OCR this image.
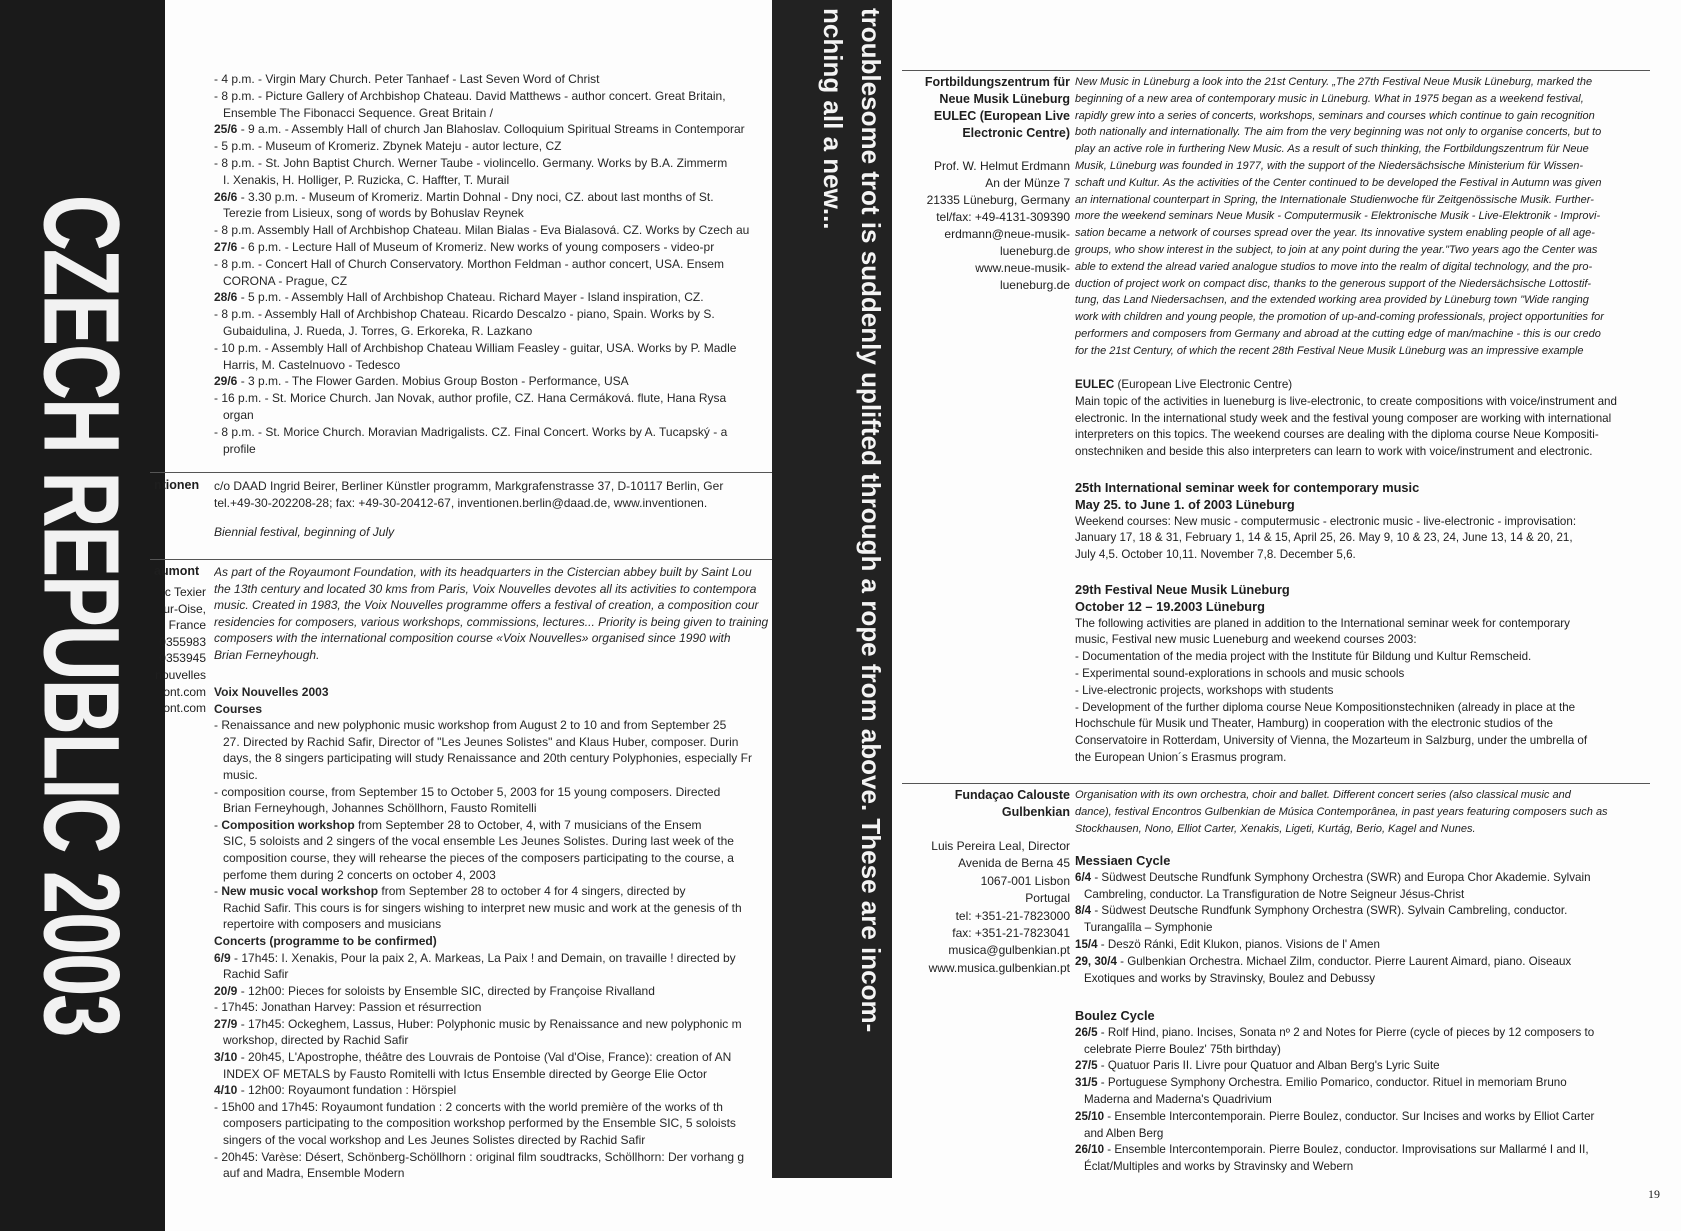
CZECH REPUBLIC 2003
- 4 p.m. - Virgin Mary Church. Peter Tanhaef - Last Seven Word of Christ
- 8 p.m. - Picture Gallery of Archbishop Chateau. David Matthews - author concert. Great Britain,
Ensemble The Fibonacci Sequence. Great Britain /
25/6 - 9 a.m. - Assembly Hall of church Jan Blahoslav. Colloquium Spiritual Streams in Contemporar
- 5 p.m. - Museum of Kromeriz. Zbynek Mateju - autor lecture, CZ
- 8 p.m. - St. John Baptist Church. Werner Taube - violincello. Germany. Works by B.A. Zimmerm
I. Xenakis, H. Holliger, P. Ruzicka, C. Haffter, T. Murail
26/6 - 3.30 p.m. - Museum of Kromeriz. Martin Dohnal - Dny noci, CZ. about last months of St.
Terezie from Lisieux, song of words by Bohuslav Reynek
- 8 p.m. Assembly Hall of Archbishop Chateau. Milan Bialas - Eva Bialasová. CZ. Works by Czech au
27/6 - 6 p.m. - Lecture Hall of Museum of Kromeriz. New works of young composers - video-pr
- 8 p.m. - Concert Hall of Church Conservatory. Morthon Feldman - author concert, USA. Ensem
CORONA - Prague, CZ
28/6 - 5 p.m. - Assembly Hall of Archbishop Chateau. Richard Mayer - Island inspiration, CZ.
- 8 p.m. - Assembly Hall of Archbishop Chateau. Ricardo Descalzo - piano, Spain. Works by S.
Gubaidulina, J. Rueda, J. Torres, G. Erkoreka, R. Lazkano
- 10 p.m. - Assembly Hall of Archbishop Chateau William Feasley - guitar, USA. Works by P. Madle
Harris, M. Castelnuovo - Tedesco
29/6 - 3 p.m. - The Flower Garden. Mobius Group Boston - Performance, USA
- 16 p.m. - St. Morice Church. Jan Novak, author profile, CZ. Hana Cermáková. flute, Hana Rysa
organ
- 8 p.m. - St. Morice Church. Moravian Madrigalists. CZ. Final Concert. Works by A. Tucapský - a
profile
ntionen c/o DAAD Ingrid Beirer, Berliner Künstler programm, Markgrafenstrasse 37, D-10117 Berlin, Ger

tel.+49-30-202208-28; fax: +49-30-20412-67, inventionen.berlin@daad.de, www.inventionen.

Biennial festival, beginning of July

aumont
rc Texier
ur-Oise,
France
0355983
0353945
nouvelles
ont.com
ont.com
As part of the Royaumont Foundation, with its headquarters in the Cistercian abbey built by Saint Lou
the 13th century and located 30 kms from Paris, Voix Nouvelles devotes all its activities to contempora
music. Created in 1983, the Voix Nouvelles programme offers a festival of creation, a composition cour
residencies for composers, various workshops, commissions, lectures... Priority is being given to training
composers with the international composition course «Voix Nouvelles» organised since 1990 with
Brian Ferneyhough.

Voix Nouvelles 2003

Courses

- Renaissance and new polyphonic music workshop from August 2 to 10 and from September 25
27. Directed by Rachid Safir, Director of "Les Jeunes Solistes" and Klaus Huber, composer. Durin
days, the 8 singers participating will study Renaissance and 20th century Polyphonies, especially Fr
music.
- composition course, from September 15 to October 5, 2003 for 15 young composers. Directed
Brian Ferneyhough, Johannes Schöllhorn, Fausto Romitelli
- Composition workshop from September 28 to October, 4, with 7 musicians of the Ensem
SIC, 5 soloists and 2 singers of the vocal ensemble Les Jeunes Solistes. During last week of the
composition course, they will rehearse the pieces of the composers participating to the course, a
perfome them during 2 concerts on october 4, 2003
- New music vocal workshop from September 28 to october 4 for 4 singers, directed by
Rachid Safir. This cours is for singers wishing to interpret new music and work at the genesis of th
repertoire with composers and musicians

Concerts (programme to be confirmed)

6/9 - 17h45: I. Xenakis, Pour la paix 2, A. Markeas, La Paix ! and Demain, on travaille ! directed by
Rachid Safir
20/9 - 12h00: Pieces for soloists by Ensemble SIC, directed by Françoise Rivalland
- 17h45: Jonathan Harvey: Passion et résurrection
27/9 - 17h45: Ockeghem, Lassus, Huber: Polyphonic music by Renaissance and new polyphonic m
workshop, directed by Rachid Safir
3/10 - 20h45, L'Apostrophe, théâtre des Louvrais de Pontoise (Val d'Oise, France): creation of AN
INDEX OF METALS by Fausto Romitelli with Ictus Ensemble directed by George Elie Octor
4/10 - 12h00: Royaumont fundation : Hörspiel
- 15h00 and 17h45: Royaumont fundation : 2 concerts with the world première of the works of th
composers participating to the composition workshop performed by the Ensemble SIC, 5 soloists
singers of the vocal workshop and Les Jeunes Solistes directed by Rachid Safir
- 20h45: Varèse: Désert, Schönberg-Schöllhorn : original film soudtracks, Schöllhorn: Der vorhang g
auf and Madra, Ensemble Modern
troublesome trot is suddenly uplifted through a rope from above. These are incom-
nching all a new...	Fortbildungszentrum für
Neue Musik Lüneburg
EULEC (European Live
Electronic Centre)
Prof. W. Helmut Erdmann
An der Münze 7
21335 Lüneburg, Germany
tel/fax: +49-4131-309390
erdmann@neue-musik-
lueneburg.de
www.neue-musik-
lueneburg.de
New Music in Lüneburg a look into the 21st Century. „The 27th Festival Neue Musik Lüneburg, marked the
beginning of a new area of contemporary music in Lüneburg. What in 1975 began as a weekend festival,
rapidly grew into a series of concerts, workshops, seminars and courses which continue to gain recognition
both nationally and internationally. The aim from the very beginning was not only to organise concerts, but to
play an active role in furthering New Music. As a result of such thinking, the Fortbildungszentrum für Neue
Musik, Lüneburg was founded in 1977, with the support of the Niedersächsische Ministerium für Wissen-
schaft und Kultur. As the activities of the Center continued to be developed the Festival in Autumn was given
an international counterpart in Spring, the Internationale Studienwoche für Zeitgenössische Musik. Further-
more the weekend seminars Neue Musik - Computermusik - Elektronische Musik - Live-Elektronik - Improvi-
sation became a network of courses spread over the year. Its innovative system enabling people of all age-
groups, who show interest in the subject, to join at any point during the year."Two years ago the Center was
able to extend the alread varied analogue studios to move into the realm of digital technology, and the pro-
duction of project work on compact disc, thanks to the generous support of the Niedersächsische Lottostif-
tung, das Land Niedersachsen, and the extended working area provided by Lüneburg town "Wide ranging
work with children and young people, the promotion of up-and-coming professionals, project opportunities for
performers and composers from Germany and abroad at the cutting edge of man/machine - this is our credo
for the 21st Century, of which the recent 28th Festival Neue Musik Lüneburg was an impressive example

EULEC (European Live Electronic Centre)

Main topic of the activities in lueneburg is live-electronic, to create compositions with voice/instrument and
electronic. In the international study week and the festival young composer are working with international
interpreters on this topics. The weekend courses are dealing with the diploma course Neue Kompositi-
onstechniken and beside this also interpreters can learn to work with voice/instrument and electronic.

25th International seminar week for contemporary music

May 25. to June 1. of 2003 Lüneburg

Weekend courses: New music - computermusic - electronic music - live-electronic - improvisation:
January 17, 18 & 31, February 1, 14 & 15, April 25, 26. May 9, 10 & 23, 24, June 13, 14 & 20, 21,
July 4,5. October 10,11. November 7,8. December 5,6.

29th Festival Neue Musik Lüneburg

October 12 – 19.2003 Lüneburg

The following activities are planed in addition to the International seminar week for contemporary
music, Festival new music Lueneburg and weekend courses 2003:
- Documentation of the media project with the Institute für Bildung und Kultur Remscheid.
- Experimental sound-explorations in schools and music schools
- Live-electronic projects, workshops with students
- Development of the further diploma course Neue Kompositionstechniken (already in place at the
Hochschule für Musik und Theater, Hamburg) in cooperation with the electronic studios of the
Conservatoire in Rotterdam, University of Vienna, the Mozarteum in Salzburg, under the umbrella of
the European Union´s Erasmus program.
Fundaçao Calouste
Gulbenkian
Luis Pereira Leal, Director
Avenida de Berna 45
1067-001 Lisbon
Portugal
tel: +351-21-7823000
fax: +351-21-7823041
musica@gulbenkian.pt
www.musica.gulbenkian.pt
Organisation with its own orchestra, choir and ballet. Different concert series (also classical music and
dance), festival Encontros Gulbenkian de Música Contemporânea, in past years featuring composers such as
Stockhausen, Nono, Elliot Carter, Xenakis, Ligeti, Kurtág, Berio, Kagel and Nunes.

Messiaen Cycle

6/4 - Südwest Deutsche Rundfunk Symphony Orchestra (SWR) and Europa Chor Akademie. Sylvain
Cambreling, conductor. La Transfiguration de Notre Seigneur Jésus-Christ
8/4 - Südwest Deutsche Rundfunk Symphony Orchestra (SWR). Sylvain Cambreling, conductor.
Turangalîla – Symphonie
15/4 - Deszö Ránki, Edit Klukon, pianos. Visions de l' Amen
29, 30/4 - Gulbenkian Orchestra. Michael Zilm, conductor. Pierre Laurent Aimard, piano. Oiseaux
Exotiques and works by Stravinsky, Boulez and Debussy

Boulez Cycle

26/5 - Rolf Hind, piano. Incises, Sonata nº 2 and Notes for Pierre (cycle of pieces by 12 composers to
celebrate Pierre Boulez' 75th birthday)
27/5 - Quatuor Paris II. Livre pour Quatuor and Alban Berg's Lyric Suite
31/5 - Portuguese Symphony Orchestra. Emilio Pomarico, conductor. Rituel in memoriam Bruno
Maderna and Maderna's Quadrivium
25/10 - Ensemble Intercontemporain. Pierre Boulez, conductor. Sur Incises and works by Elliot Carter
and Alben Berg
26/10 - Ensemble Intercontemporain. Pierre Boulez, conductor. Improvisations sur Mallarmé I and II,
Éclat/Multiples and works by Stravinsky and Webern
19
